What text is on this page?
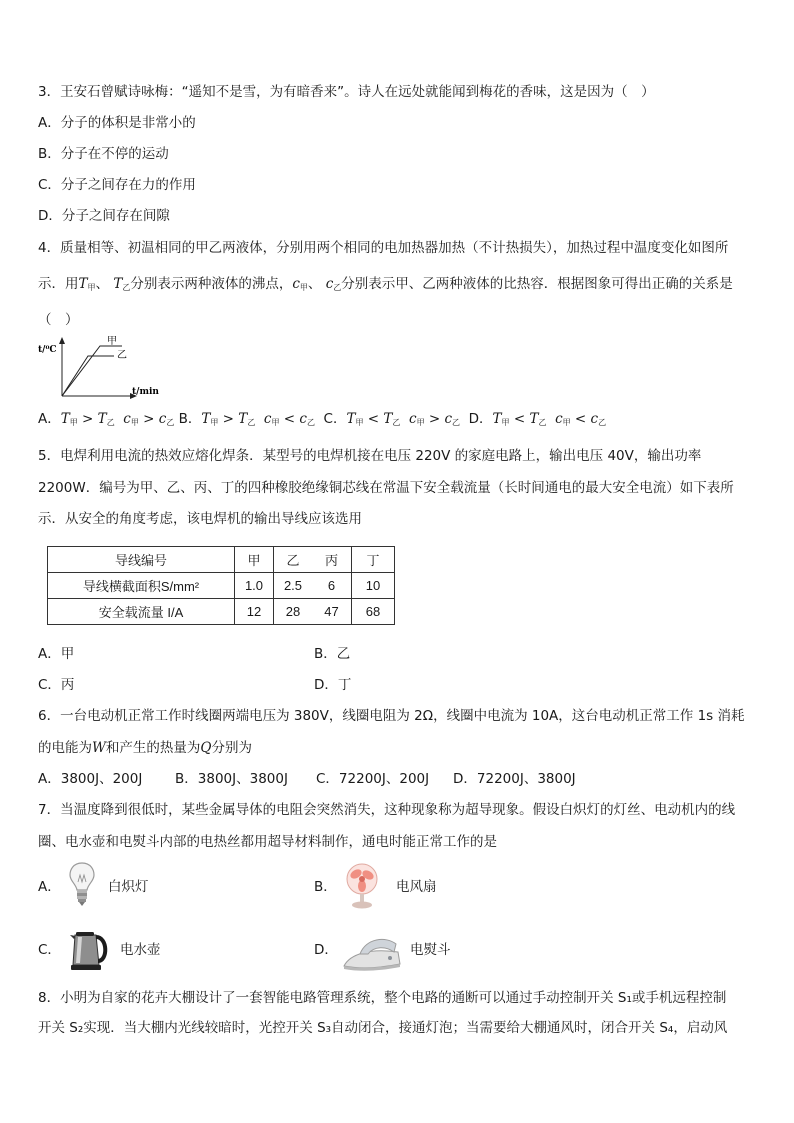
3．王安石曾赋诗咏梅：“遥知不是雪，为有暗香来”。诗人在远处就能闻到梅花的香味，这是因为（　）
A．分子的体积是非常小的
B．分子在不停的运动
C．分子之间存在力的作用
D．分子之间存在间隙
4．质量相等、初温相同的甲乙两液体，分别用两个相同的电加热器加热（不计热损失），加热过程中温度变化如图所
示．用$T_甲$、 $T_乙$分别表示两种液体的沸点，$c_甲$、 $c_乙$分别表示甲、乙两种液体的比热容．根据图象可得出正确的关系是
（　）
t/⁰C
t/min
甲
乙
A．$T_甲 > T_乙$ $c_甲 > c_乙$ B．$T_甲 > T_乙$ $c_甲 < c_乙$ C．$T_甲 < T_乙$ $c_甲 > c_乙$ D．$T_甲 < T_乙$ $c_甲 < c_乙$
5．电焊利用电流的热效应熔化焊条．某型号的电焊机接在电压 220V 的家庭电路上，输出电压 40V，输出功率
2200W．编号为甲、乙、丙、丁的四种橡胶绝缘铜芯线在常温下安全载流量（长时间通电的最大安全电流）如下表所
示．从安全的角度考虑，该电焊机的输出导线应该选用
导线编号	甲	乙	丙	丁
导线横截面积S/mm²	1.0	2.5	6	10
安全载流量 I/A	12	28	47	68
A．甲	B．乙
C．丙	D．丁
6．一台电动机正常工作时线圈两端电压为 380V，线圈电阻为 2Ω，线圈中电流为 10A，这台电动机正常工作 1s 消耗
的电能为W和产生的热量为Q分别为
A．3800J、200J B．3800J、3800J C．72200J、200J D．72200J、3800J
7．当温度降到很低时，某些金属导体的电阻会突然消失，这种现象称为超导现象。假设白炽灯的灯丝、电动机内的线
圈、电水壶和电熨斗内部的电热丝都用超导材料制作，通电时能正常工作的是
A．	白炽灯	B．	电风扇
C．	电水壶	D．	电熨斗
8．小明为自家的花卉大棚设计了一套智能电路管理系统，整个电路的通断可以通过手动控制开关 S₁或手机远程控制
开关 S₂实现．当大棚内光线较暗时，光控开关 S₃自动闭合，接通灯泡；当需要给大棚通风时，闭合开关 S₄，启动风
